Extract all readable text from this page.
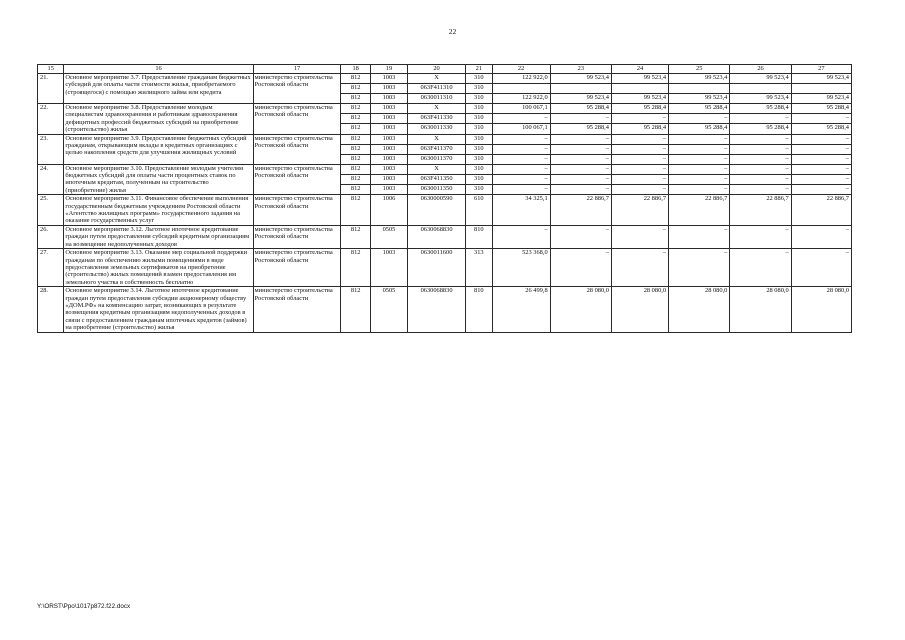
22
15	16	17	18	19	20	21	22	23	24	25	26	27
21.	Основное мероприятие 3.7. Предоставление гражданам бюджетных субсидий для оплаты части стоимости жилья, приобретаемого (строящегося) с помощью жилищного займа или кредита	министерство строительства Ростовской области	812	1003	Х	310	122 922,0	99 523,4	99 523,4	99 523,4	99 523,4	99 523,4
			812	1003	063F411310	310						
			812	1003	0630011310	310	122 922,0	99 523,4	99 523,4	99 523,4	99 523,4	99 523,4
22.	Основное мероприятие 3.8. Предоставление молодым специалистам здравоохранения и работникам здравоохранения дефицитных профессий бюджетных субсидий на приобретение (строительство) жилья	министерство строительства Ростовской области	812	1003	Х	310	100 067,1	95 288,4	95 288,4	95 288,4	95 288,4	95 288,4
			812	1003	063F411330	310	–	–	–	–	–	–
			812	1003	0630011330	310	100 067,1	95 288,4	95 288,4	95 288,4	95 288,4	95 288,4
23.	Основное мероприятие 3.9. Предоставление бюджетных субсидий гражданам, открывающим вклады в кредитных организациях с целью накопления средств для улучшения жилищных условий	министерство строительства Ростовской области	812	1003	Х	310	–	–	–	–	–	–
			812	1003	063F411370	310	–	–	–	–	–	–
			812	1003	0630011370	310	–	–	–	–	–	–
24.	Основное мероприятие 3.10. Предоставление молодым учителям бюджетных субсидий для оплаты части процентных ставок по ипотечным кредитам, полученным на строительство (приобретение) жилья	министерство строительства Ростовской области	812	1003	Х	310	–	–	–	–	–	–
			812	1003	063F411350	310	–	–	–	–	–	–
			812	1003	0630011350	310	–	–	–	–	–	–
25.	Основное мероприятие 3.11. Финансовое обеспечение выполнения государственным бюджетным учреждением Ростовской области «Агентство жилищных программ» государственного задания на оказание государственных услуг	министерство строительства Ростовской области	812	1006	0630000590	610	34 325,1	22 886,7	22 886,7	22 886,7	22 886,7	22 886,7
26.	Основное мероприятие 3.12. Льготное ипотечное кредитование граждан путем предоставления субсидий кредитным организациям на возмещение недополученных доходов	министерство строительства Ростовской области	812	0505	0630068830	810	–	–	–	–	–	–
27.	Основное мероприятие 3.13. Оказание мер социальной поддержки гражданам по обеспечению жилыми помещениями в виде предоставления земельных сертификатов на приобретение (строительство) жилых помещений взамен предоставления им земельного участка в собственность бесплатно	министерство строительства Ростовской области	812	1003	0630011600	313	523 368,0	–	–	–	–	–
28.	Основное мероприятие 3.14. Льготное ипотечное кредитование граждан путем предоставления субсидии акционерному обществу «ДОМ.РФ» на компенсацию затрат, возникающих в результате возмещения кредитным организациям недополученных доходов в связи с предоставлением гражданам ипотечных кредитов (займов) на приобретение (строительство) жилья	министерство строительства Ростовской области	812	0505	0630068830	810	26 499,8	28 080,0	28 080,0	28 080,0	28 080,0	28 080,0
Y:\ORST\Ppo\1017p872.f22.docx
